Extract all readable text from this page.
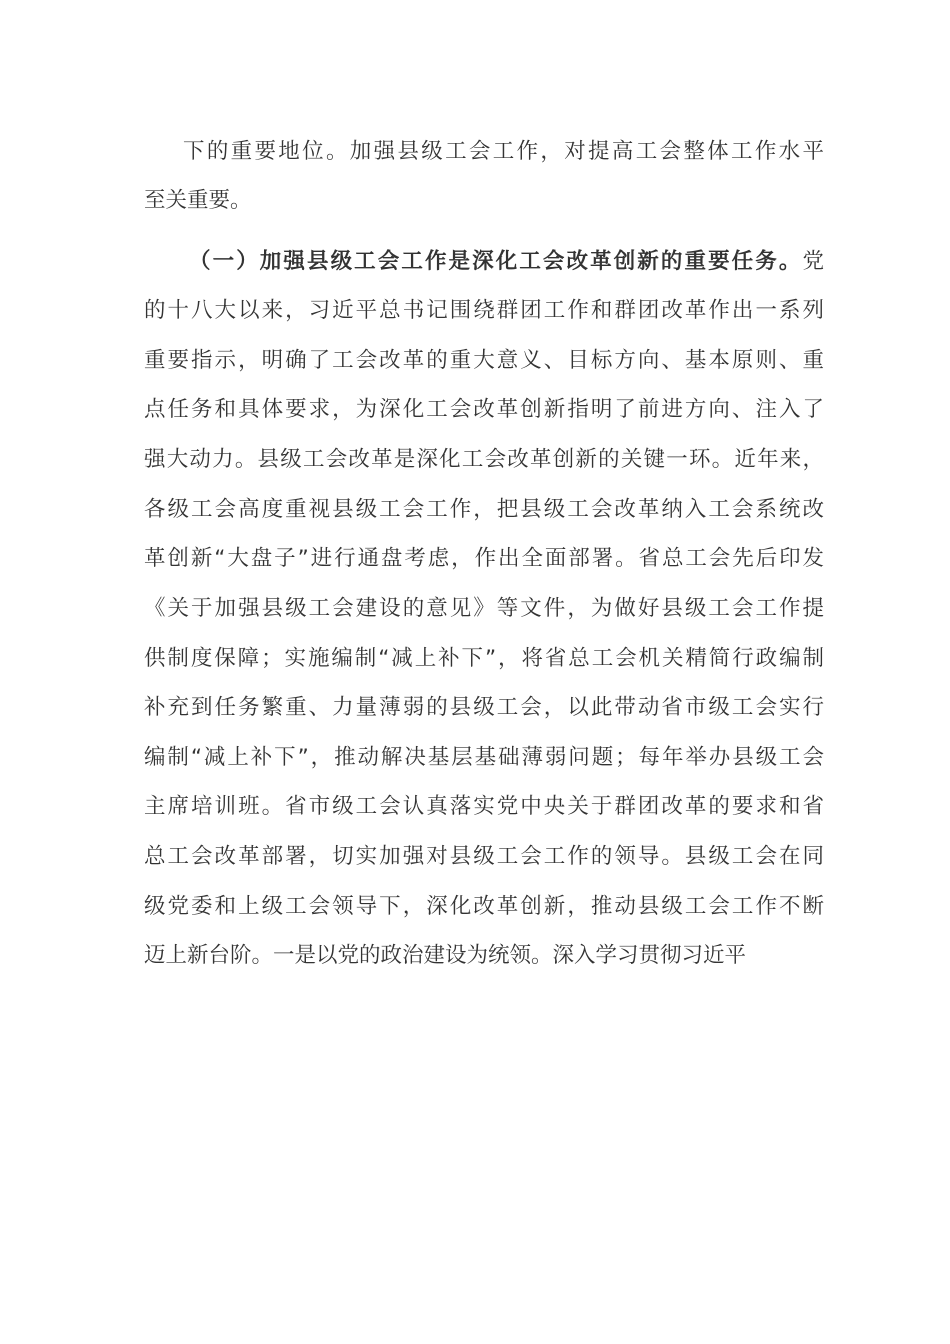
下的重要地位。加强县级工会工作，对提高工会整体工作水平
至关重要。
（一）加强县级工会工作是深化工会改革创新的重要任务。党
的十八大以来，习近平总书记围绕群团工作和群团改革作出一系列
重要指示，明确了工会改革的重大意义、目标方向、基本原则、重
点任务和具体要求，为深化工会改革创新指明了前进方向、注入了
强大动力。县级工会改革是深化工会改革创新的关键一环。近年来，
各级工会高度重视县级工会工作，把县级工会改革纳入工会系统改
革创新“大盘子”进行通盘考虑，作出全面部署。省总工会先后印发
《关于加强县级工会建设的意见》等文件，为做好县级工会工作提
供制度保障；实施编制“减上补下”，将省总工会机关精简行政编制
补充到任务繁重、力量薄弱的县级工会，以此带动省市级工会实行
编制“减上补下”，推动解决基层基础薄弱问题；每年举办县级工会
主席培训班。省市级工会认真落实党中央关于群团改革的要求和省
总工会改革部署，切实加强对县级工会工作的领导。县级工会在同
级党委和上级工会领导下，深化改革创新，推动县级工会工作不断
迈上新台阶。一是以党的政治建设为统领。深入学习贯彻习近平
